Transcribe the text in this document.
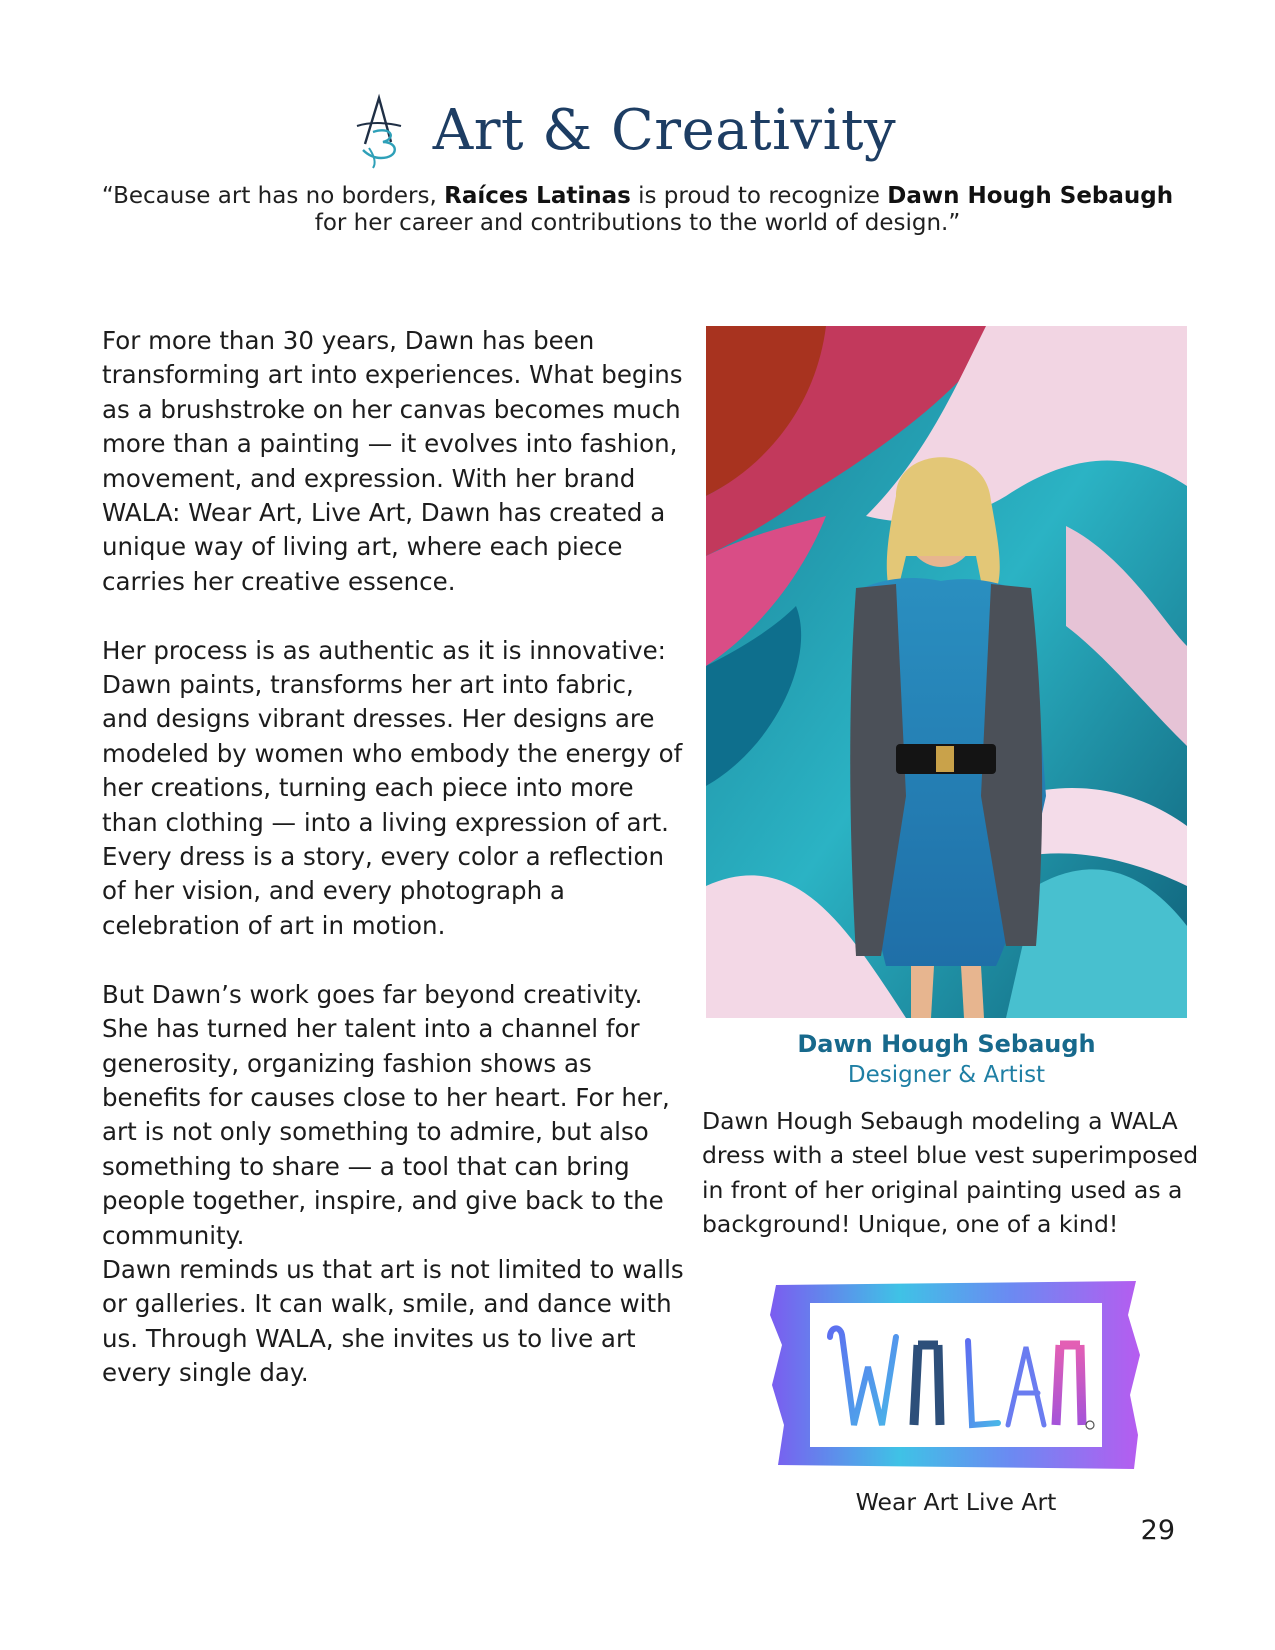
Art & Creativity
“Because art has no borders, Raíces Latinas is proud to recognize Dawn Hough Sebaugh
for her career and contributions to the world of design.”

For more than 30 years, Dawn has been transforming art into experiences. What begins as a brushstroke on her canvas becomes much more than a painting — it evolves into fashion, movement, and expression. With her brand WALA: Wear Art, Live Art, Dawn has created a unique way of living art, where each piece carries her creative essence.

Her process is as authentic as it is innovative: Dawn paints, transforms her art into fabric, and designs vibrant dresses. Her designs are modeled by women who embody the energy of her creations, turning each piece into more than clothing — into a living expression of art. Every dress is a story, every color a reflection of her vision, and every photograph a celebration of art in motion.

But Dawn’s work goes far beyond creativity. She has turned her talent into a channel for generosity, organizing fashion shows as benefits for causes close to her heart. For her, art is not only something to admire, but also something to share — a tool that can bring people together, inspire, and give back to the community.

Dawn reminds us that art is not limited to walls or galleries. It can walk, smile, and dance with us. Through WALA, she invites us to live art every single day.

Dawn Hough Sebaugh
Designer & Artist
Dawn Hough Sebaugh modeling a WALA dress with a steel blue vest superimposed in front of her original painting used as a background! Unique, one of a kind!
Wear Art Live Art
29
